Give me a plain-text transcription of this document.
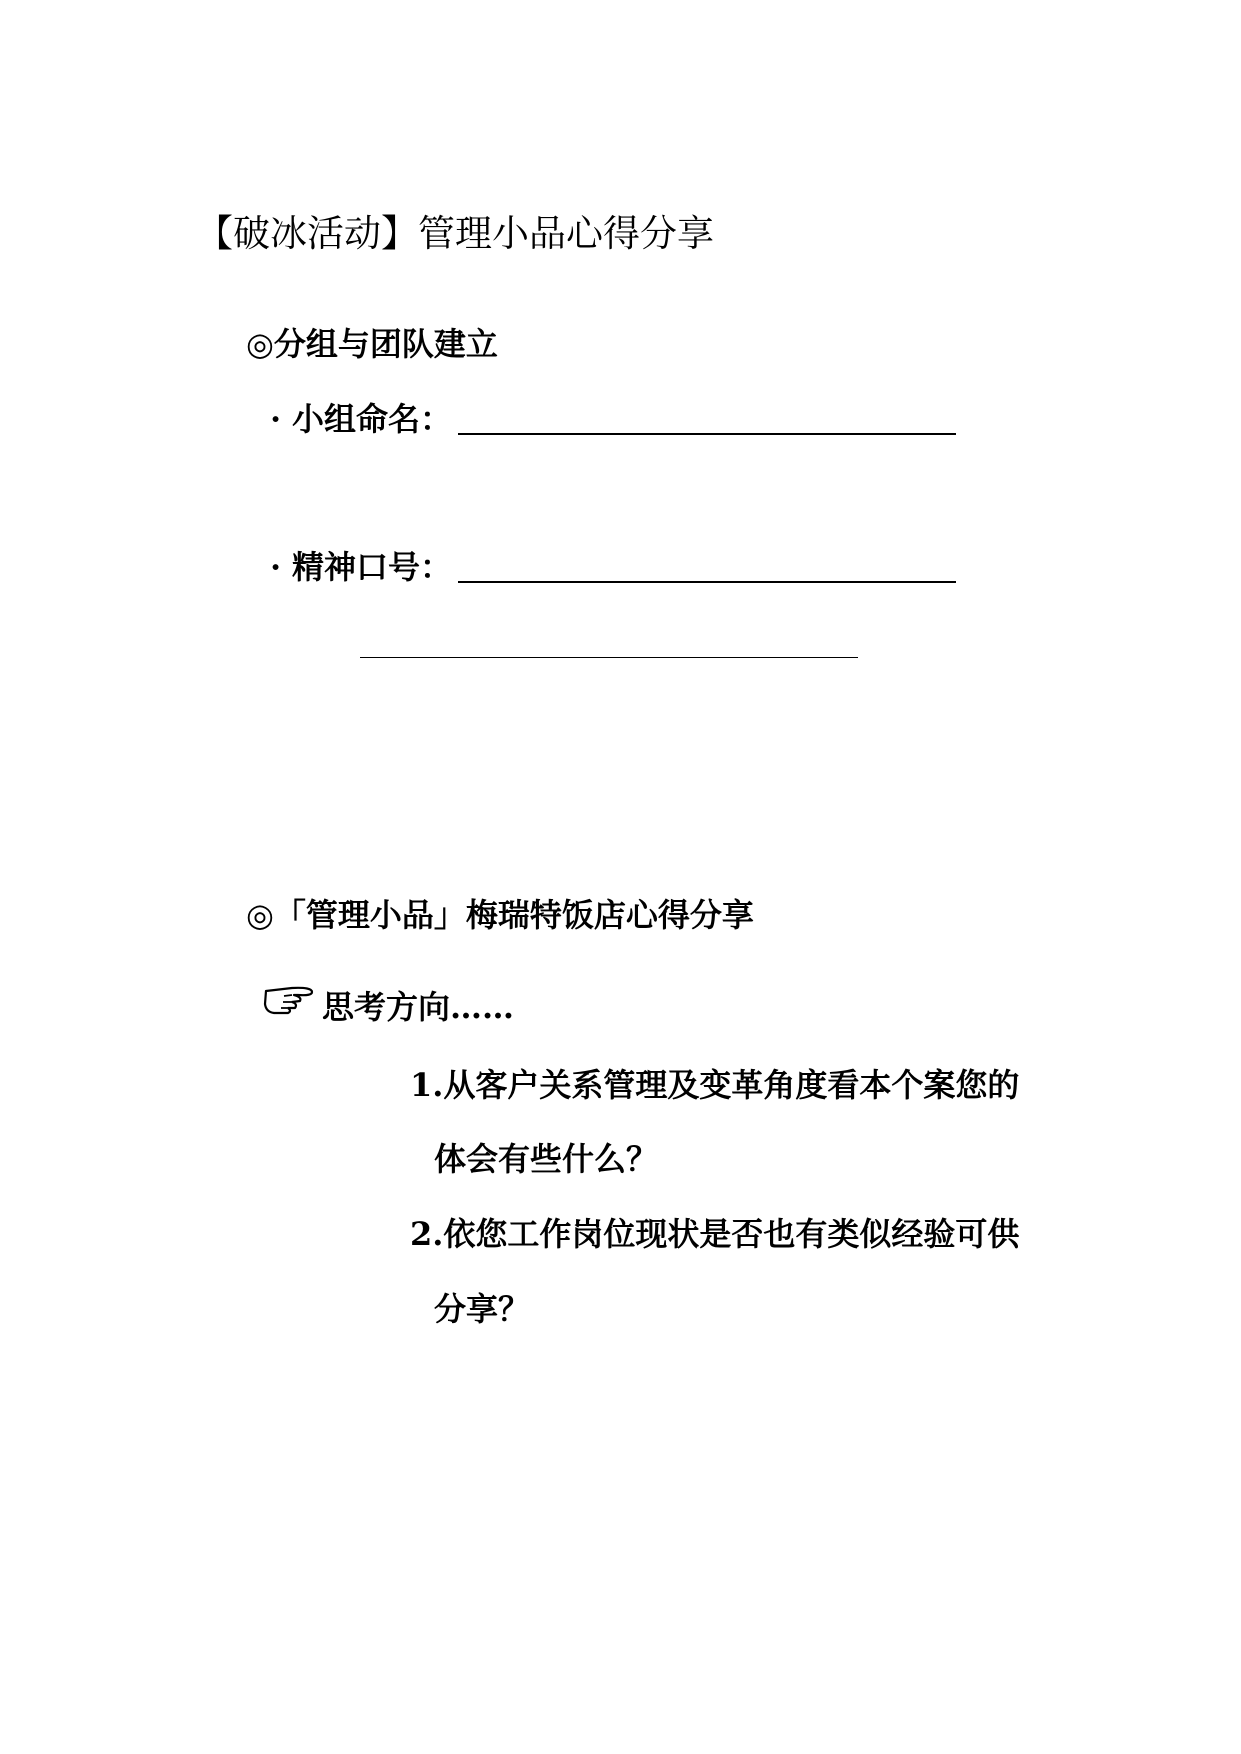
【破冰活动】管理小品心得分享
◎分组与团队建立
· 小组命名：
· 精神口号：
◎「管理小品」梅瑞特饭店心得分享
思考方向……
1.从客户关系管理及变革角度看本个案您的
体会有些什么？
2.依您工作岗位现状是否也有类似经验可供
分享？
